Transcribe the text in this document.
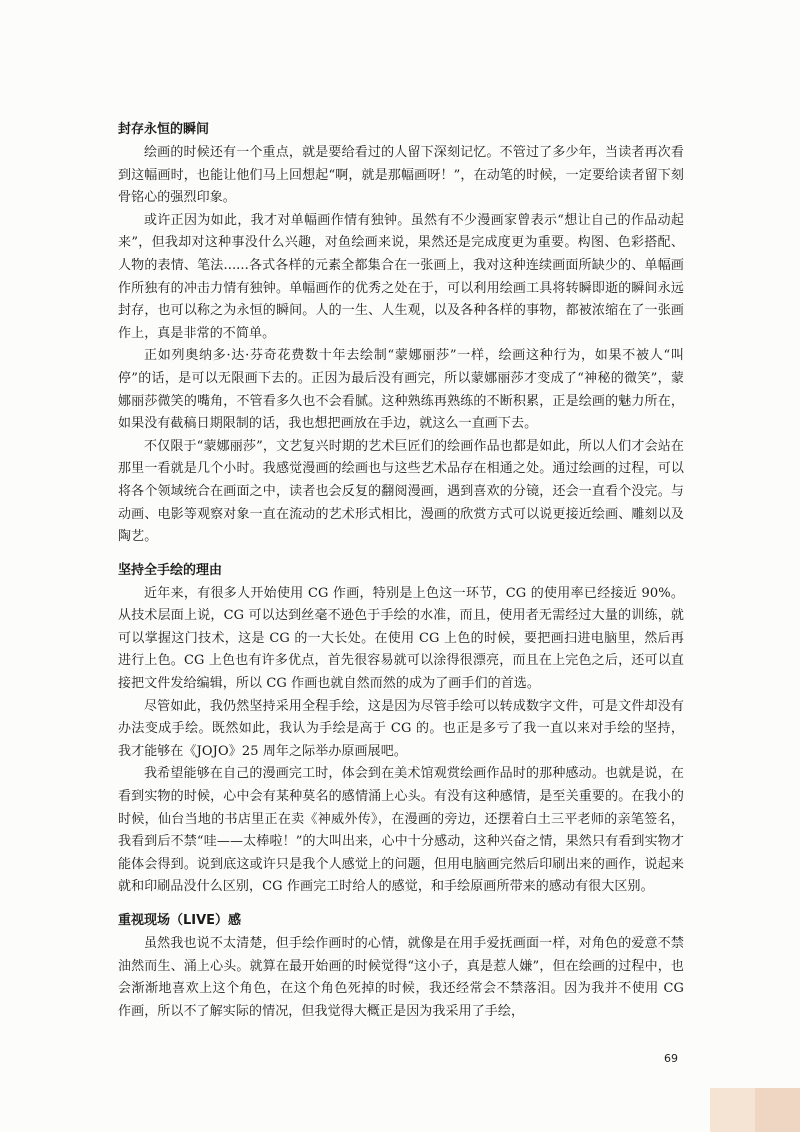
封存永恒的瞬间

绘画的时候还有一个重点，就是要给看过的人留下深刻记忆。不管过了多少年，当读者再次看到这幅画时，也能让他们马上回想起“啊，就是那幅画呀！”，在动笔的时候，一定要给读者留下刻骨铭心的强烈印象。

或许正因为如此，我才对单幅画作情有独钟。虽然有不少漫画家曾表示“想让自己的作品动起来”，但我却对这种事没什么兴趣，对鱼绘画来说，果然还是完成度更为重要。构图、色彩搭配、人物的表情、笔法......各式各样的元素全都集合在一张画上，我对这种连续画面所缺少的、单幅画作所独有的冲击力情有独钟。单幅画作的优秀之处在于，可以利用绘画工具将转瞬即逝的瞬间永远封存，也可以称之为永恒的瞬间。人的一生、人生观，以及各种各样的事物，都被浓缩在了一张画作上，真是非常的不简单。

正如列奥纳多·达·芬奇花费数十年去绘制“蒙娜丽莎”一样，绘画这种行为，如果不被人“叫停”的话，是可以无限画下去的。正因为最后没有画完，所以蒙娜丽莎才变成了“神秘的微笑”，蒙娜丽莎微笑的嘴角，不管看多久也不会看腻。这种熟练再熟练的不断积累，正是绘画的魅力所在，如果没有截稿日期限制的话，我也想把画放在手边，就这么一直画下去。

不仅限于“蒙娜丽莎”，文艺复兴时期的艺术巨匠们的绘画作品也都是如此，所以人们才会站在那里一看就是几个小时。我感觉漫画的绘画也与这些艺术品存在相通之处。通过绘画的过程，可以将各个领域统合在画面之中，读者也会反复的翻阅漫画，遇到喜欢的分镜，还会一直看个没完。与动画、电影等观察对象一直在流动的艺术形式相比，漫画的欣赏方式可以说更接近绘画、雕刻以及陶艺。

坚持全手绘的理由

近年来，有很多人开始使用 CG 作画，特别是上色这一环节，CG 的使用率已经接近 90%。从技术层面上说，CG 可以达到丝毫不逊色于手绘的水准，而且，使用者无需经过大量的训练，就可以掌握这门技术，这是 CG 的一大长处。在使用 CG 上色的时候，要把画扫进电脑里，然后再进行上色。CG 上色也有许多优点，首先很容易就可以涂得很漂亮，而且在上完色之后，还可以直接把文件发给编辑，所以 CG 作画也就自然而然的成为了画手们的首选。

尽管如此，我仍然坚持采用全程手绘，这是因为尽管手绘可以转成数字文件，可是文件却没有办法变成手绘。既然如此，我认为手绘是高于 CG 的。也正是多亏了我一直以来对手绘的坚持，我才能够在《JOJO》25 周年之际举办原画展吧。

我希望能够在自己的漫画完工时，体会到在美术馆观赏绘画作品时的那种感动。也就是说，在看到实物的时候，心中会有某种莫名的感情涌上心头。有没有这种感情，是至关重要的。在我小的时候，仙台当地的书店里正在卖《神威外传》，在漫画的旁边，还摆着白土三平老师的亲笔签名，我看到后不禁“哇——太棒啦！”的大叫出来，心中十分感动，这种兴奋之情，果然只有看到实物才能体会得到。说到底这或许只是我个人感觉上的问题，但用电脑画完然后印刷出来的画作，说起来就和印刷品没什么区别，CG 作画完工时给人的感觉，和手绘原画所带来的感动有很大区别。

重视现场（LIVE）感

虽然我也说不太清楚，但手绘作画时的心情，就像是在用手爱抚画面一样，对角色的爱意不禁油然而生、涌上心头。就算在最开始画的时候觉得“这小子，真是惹人嫌”，但在绘画的过程中，也会渐渐地喜欢上这个角色，在这个角色死掉的时候，我还经常会不禁落泪。因为我并不使用 CG 作画，所以不了解实际的情况，但我觉得大概正是因为我采用了手绘，

69
